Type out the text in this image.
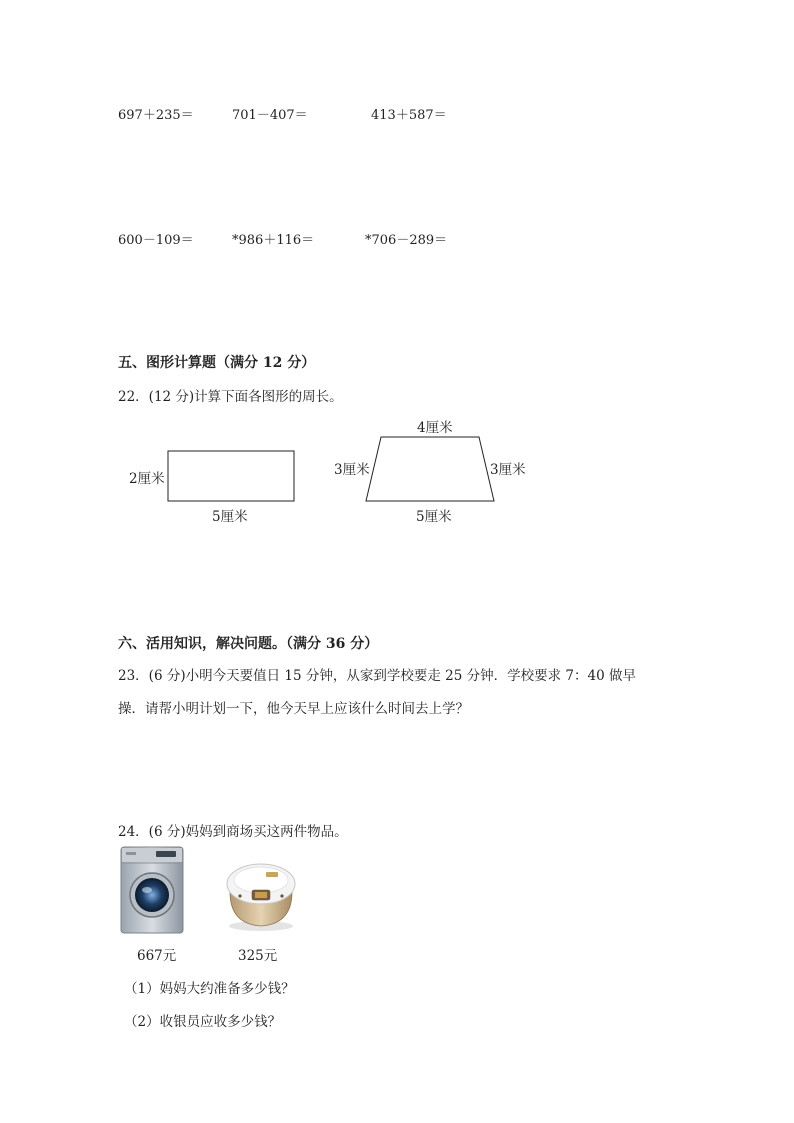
697＋235＝	701－407＝	413＋587＝
600－109＝	*986＋116＝	*706－289＝
五、图形计算题（满分 12 分）
22．(12 分)计算下面各图形的周长。
2厘米
5厘米
4厘米
3厘米	3厘米
5厘米
六、活用知识，解决问题。（满分 36 分）
23．(6 分)小明今天要值日 15 分钟，从家到学校要走 25 分钟．学校要求 7：40 做早
操．请帮小明计划一下，他今天早上应该什么时间去上学？
24．(6 分)妈妈到商场买这两件物品。
667元	325元
（1）妈妈大约准备多少钱？
（2）收银员应收多少钱？
